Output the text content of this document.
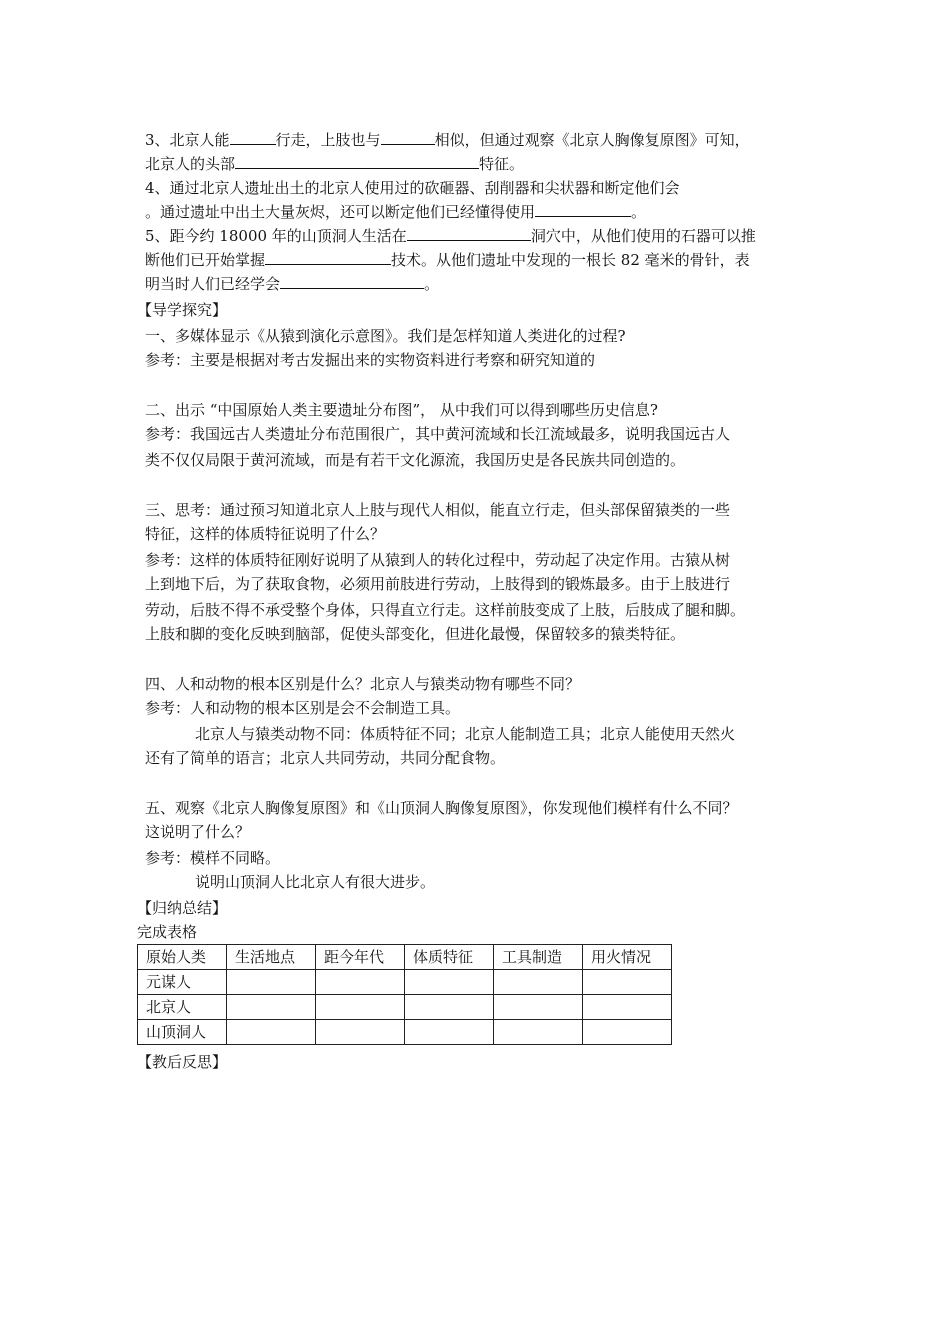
3、北京人能	行走，上肢也与	相似，但通过观察《北京人胸像复原图》可知，
北京人的头部	特征。
4、通过北京人遗址出土的北京人使用过的砍砸器、刮削器和尖状器和断定他们会
。通过遗址中出土大量灰烬，还可以断定他们已经懂得使用	。
5、距今约 18000 年的山顶洞人生活在	洞穴中，从他们使用的石器可以推
断他们已开始掌握	技术。从他们遗址中发现的一根长 82 毫米的骨针，表
明当时人们已经学会	。
【导学探究】
一、多媒体显示《从猿到演化示意图》。我们是怎样知道人类进化的过程?
参考：主要是根据对考古发掘出来的实物资料进行考察和研究知道的
二、出示 “中国原始人类主要遗址分布图”， 从中我们可以得到哪些历史信息?
参考：我国远古人类遗址分布范围很广，其中黄河流域和长江流域最多，说明我国远古人
类不仅仅局限于黄河流域，而是有若干文化源流，我国历史是各民族共同创造的。
三、思考：通过预习知道北京人上肢与现代人相似，能直立行走，但头部保留猿类的一些
特征，这样的体质特征说明了什么？
参考：这样的体质特征刚好说明了从猿到人的转化过程中，劳动起了决定作用。古猿从树
上到地下后，为了获取食物，必须用前肢进行劳动，上肢得到的锻炼最多。由于上肢进行
劳动，后肢不得不承受整个身体，只得直立行走。这样前肢变成了上肢，后肢成了腿和脚。
上肢和脚的变化反映到脑部，促使头部变化，但进化最慢，保留较多的猿类特征。
四、人和动物的根本区别是什么？北京人与猿类动物有哪些不同？
参考：人和动物的根本区别是会不会制造工具。
北京人与猿类动物不同：体质特征不同；北京人能制造工具；北京人能使用天然火
还有了简单的语言；北京人共同劳动，共同分配食物。
五、观察《北京人胸像复原图》和《山顶洞人胸像复原图》，你发现他们模样有什么不同？
这说明了什么？
参考：模样不同略。
说明山顶洞人比北京人有很大进步。
【归纳总结】
完成表格
原始人类	生活地点	距今年代	体质特征	工具制造	用火情况
元谋人					
北京人					
山顶洞人					
【教后反思】
